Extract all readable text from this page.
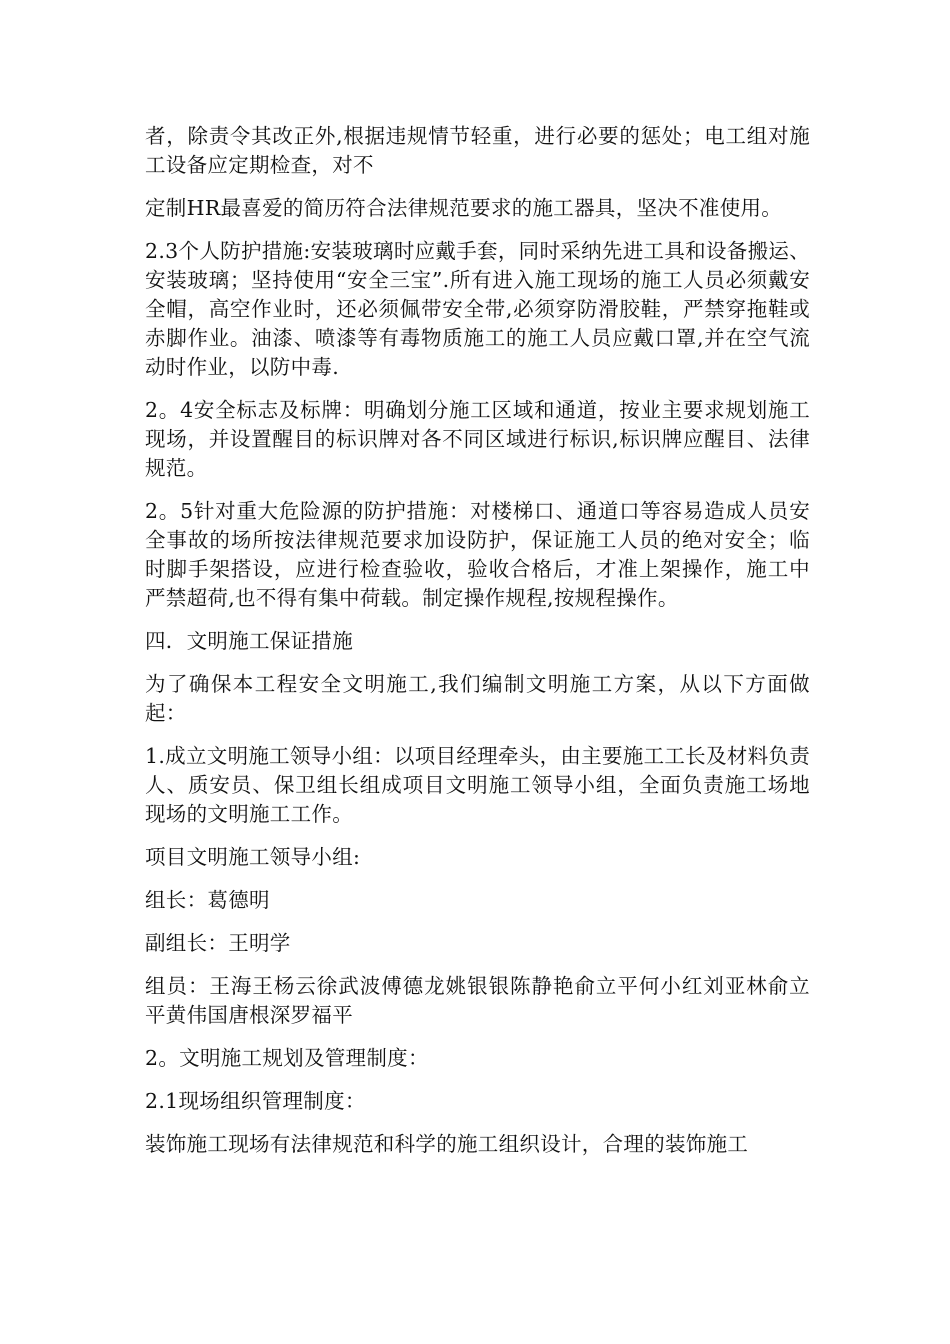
者，除责令其改正外,根据违规情节轻重，进行必要的惩处；电工组对施工设备应定期检查，对不

定制HR最喜爱的简历符合法律规范要求的施工器具，坚决不准使用。

2.3个人防护措施:安装玻璃时应戴手套，同时采纳先进工具和设备搬运、安装玻璃；坚持使用“安全三宝”.所有进入施工现场的施工人员必须戴安全帽，高空作业时，还必须佩带安全带,必须穿防滑胶鞋，严禁穿拖鞋或赤脚作业。油漆、喷漆等有毒物质施工的施工人员应戴口罩,并在空气流动时作业，以防中毒.

2。4安全标志及标牌：明确划分施工区域和通道，按业主要求规划施工现场，并设置醒目的标识牌对各不同区域进行标识,标识牌应醒目、法律规范。

2。5针对重大危险源的防护措施：对楼梯口、通道口等容易造成人员安全事故的场所按法律规范要求加设防护，保证施工人员的绝对安全；临时脚手架搭设，应进行检查验收，验收合格后，才准上架操作，施工中严禁超荷,也不得有集中荷载。制定操作规程,按规程操作。

四．文明施工保证措施

为了确保本工程安全文明施工,我们编制文明施工方案，从以下方面做起：

1.成立文明施工领导小组：以项目经理牵头，由主要施工工长及材料负责人、质安员、保卫组长组成项目文明施工领导小组，全面负责施工场地现场的文明施工工作。

项目文明施工领导小组:

组长：葛德明

副组长：王明学

组员：王海王杨云徐武波傅德龙姚银银陈静艳俞立平何小红刘亚林俞立平黄伟国唐根深罗福平

2。文明施工规划及管理制度：

2.1现场组织管理制度：

装饰施工现场有法律规范和科学的施工组织设计，合理的装饰施工
